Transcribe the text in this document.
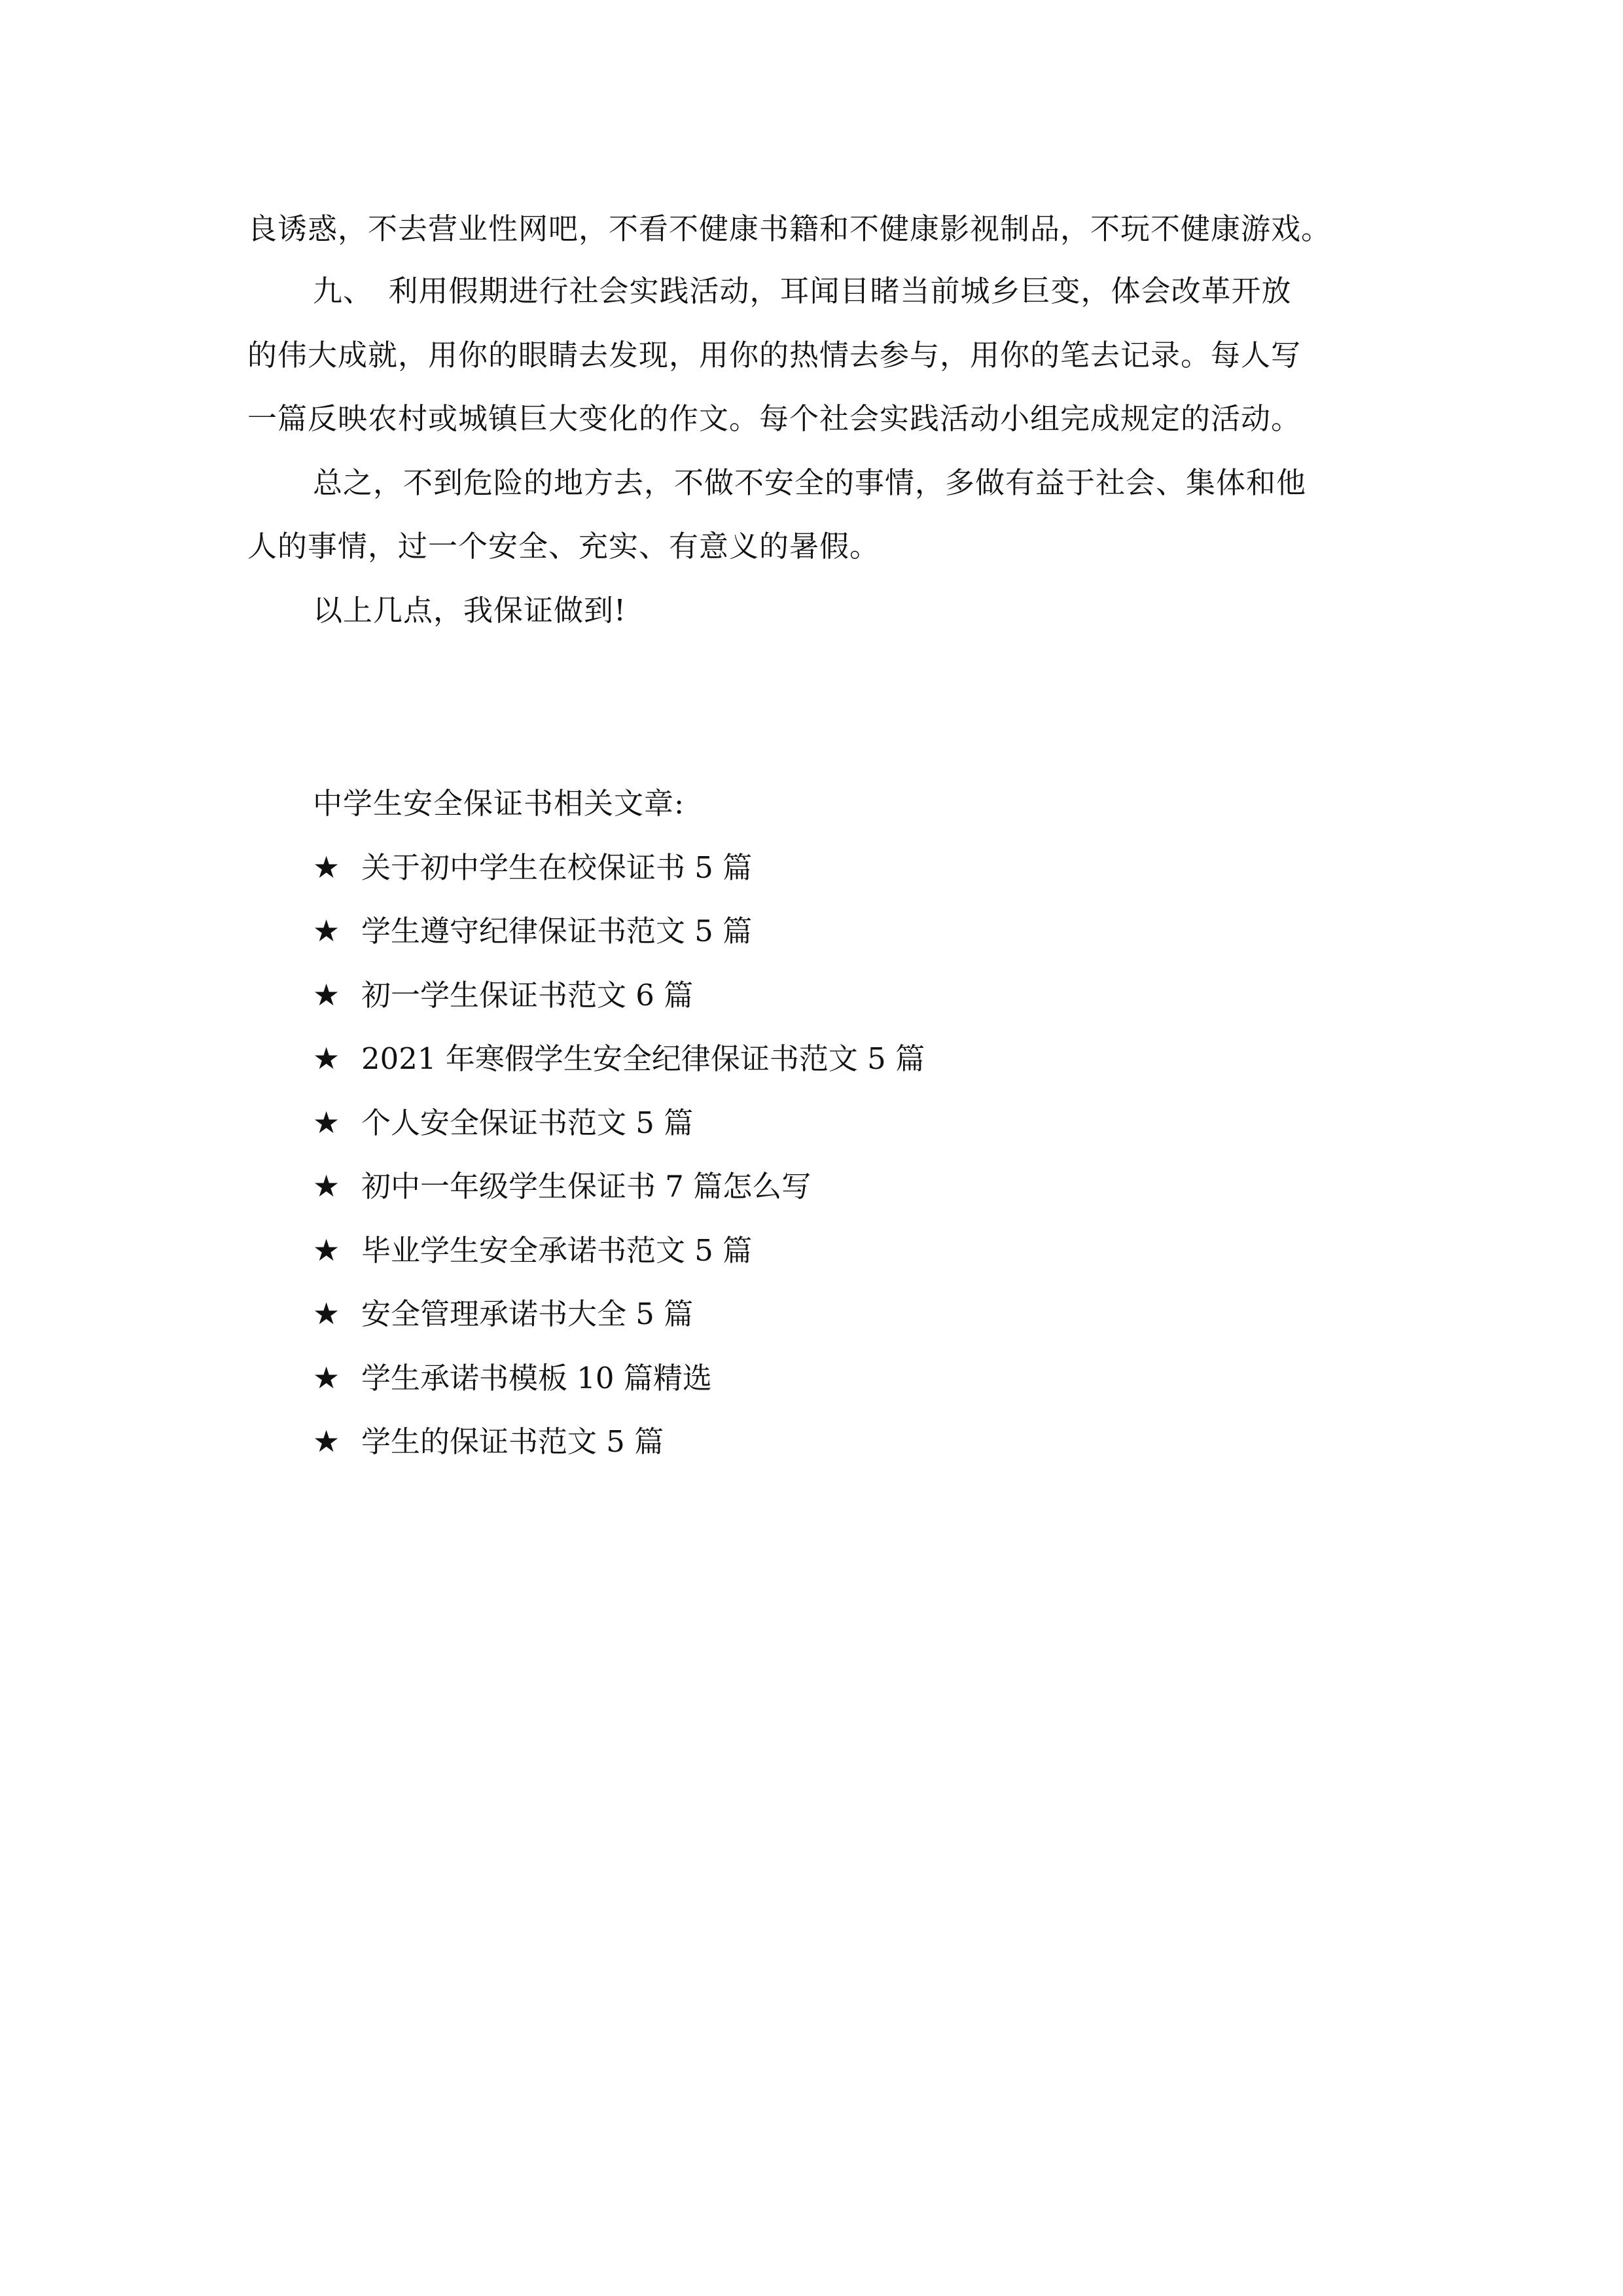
良诱惑，不去营业性网吧，不看不健康书籍和不健康影视制品，不玩不健康游戏。
九、　利用假期进行社会实践活动，耳闻目睹当前城乡巨变，体会改革开放
的伟大成就，用你的眼睛去发现，用你的热情去参与，用你的笔去记录。每人写
一篇反映农村或城镇巨大变化的作文。每个社会实践活动小组完成规定的活动。
总之，不到危险的地方去，不做不安全的事情，多做有益于社会、集体和他
人的事情，过一个安全、充实、有意义的暑假。
以上几点，我保证做到!
中学生安全保证书相关文章:
★ 关于初中学生在校保证书 5 篇
★ 学生遵守纪律保证书范文 5 篇
★ 初一学生保证书范文 6 篇
★ 2021 年寒假学生安全纪律保证书范文 5 篇
★ 个人安全保证书范文 5 篇
★ 初中一年级学生保证书 7 篇怎么写
★ 毕业学生安全承诺书范文 5 篇
★ 安全管理承诺书大全 5 篇
★ 学生承诺书模板 10 篇精选
★ 学生的保证书范文 5 篇
